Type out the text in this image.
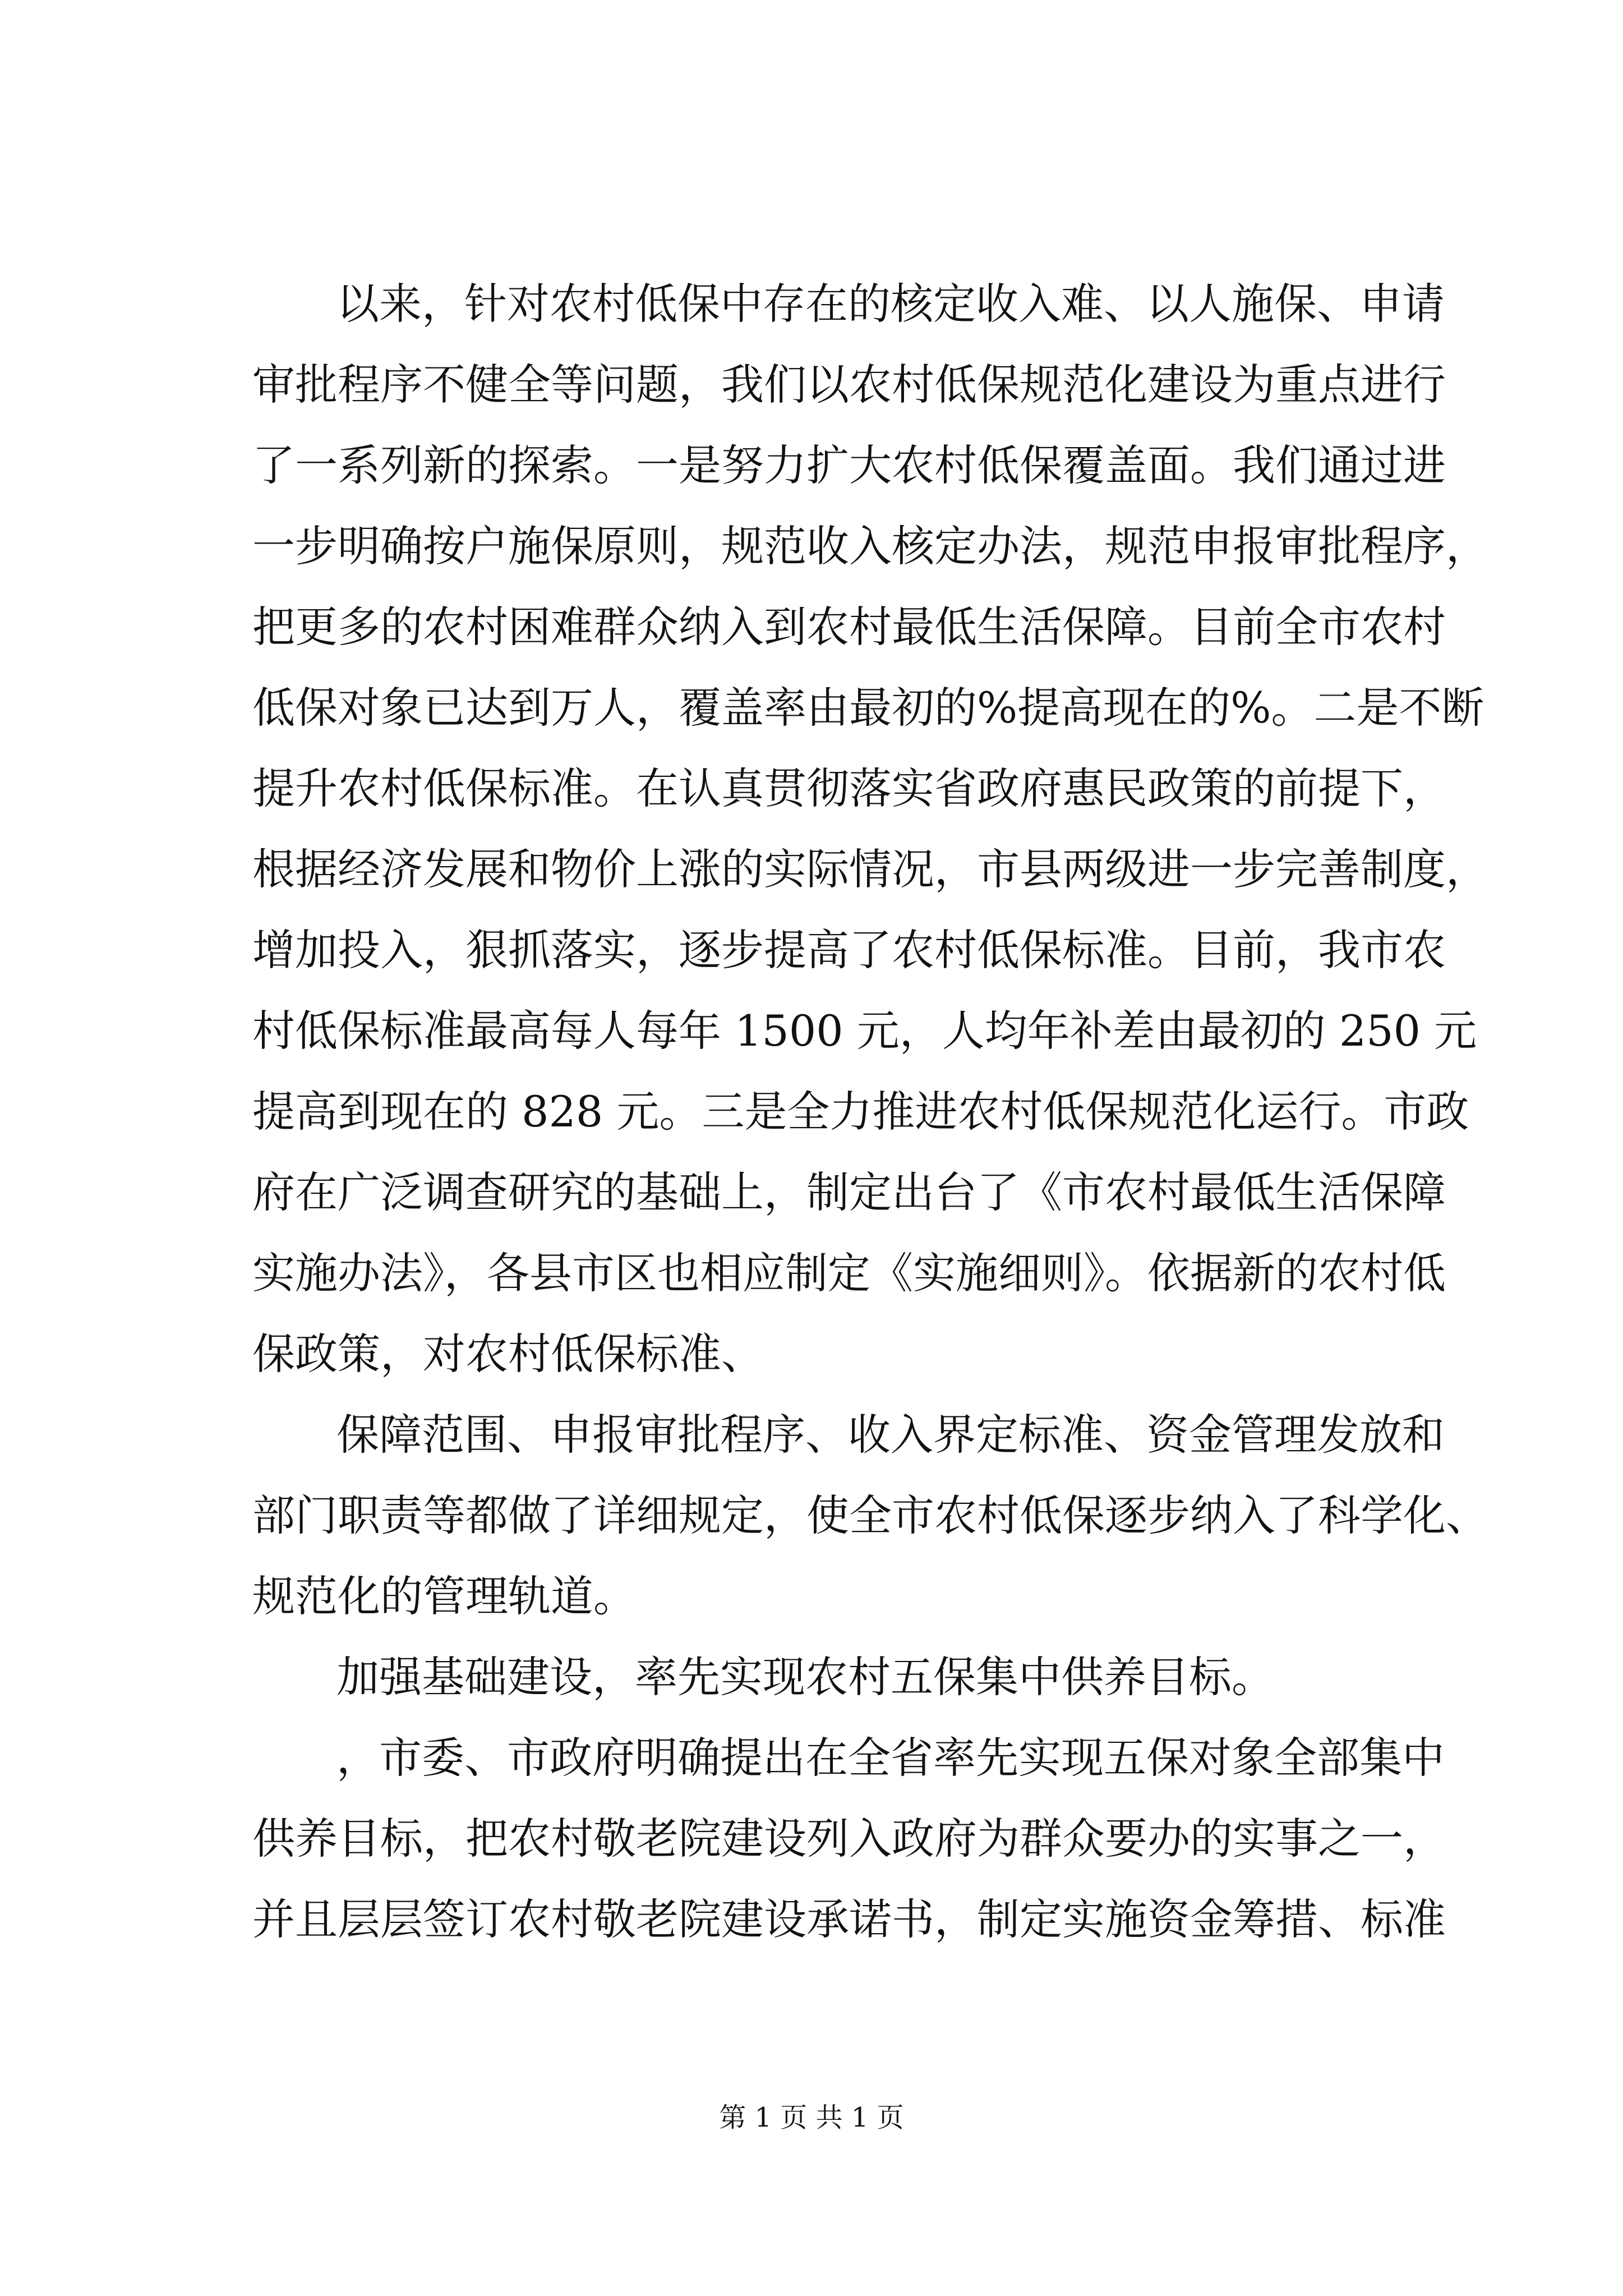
以来，针对农村低保中存在的核定收入难、以人施保、申请
审批程序不健全等问题，我们以农村低保规范化建设为重点进行
了一系列新的探索。一是努力扩大农村低保覆盖面。我们通过进
一步明确按户施保原则，规范收入核定办法，规范申报审批程序，
把更多的农村困难群众纳入到农村最低生活保障。目前全市农村
低保对象已达到万人，覆盖率由最初的%提高现在的%。二是不断
提升农村低保标准。在认真贯彻落实省政府惠民政策的前提下，
根据经济发展和物价上涨的实际情况，市县两级进一步完善制度，
增加投入，狠抓落实，逐步提高了农村低保标准。目前，我市农
村低保标准最高每人每年 1500 元，人均年补差由最初的 250 元
提高到现在的 828 元。三是全力推进农村低保规范化运行。市政
府在广泛调查研究的基础上，制定出台了《市农村最低生活保障
实施办法》，各县市区也相应制定《实施细则》。依据新的农村低
保政策，对农村低保标准、
保障范围、申报审批程序、收入界定标准、资金管理发放和
部门职责等都做了详细规定，使全市农村低保逐步纳入了科学化、
规范化的管理轨道。
加强基础建设，率先实现农村五保集中供养目标。
，市委、市政府明确提出在全省率先实现五保对象全部集中
供养目标，把农村敬老院建设列入政府为群众要办的实事之一，
并且层层签订农村敬老院建设承诺书，制定实施资金筹措、标准
第 1 页 共 1 页
